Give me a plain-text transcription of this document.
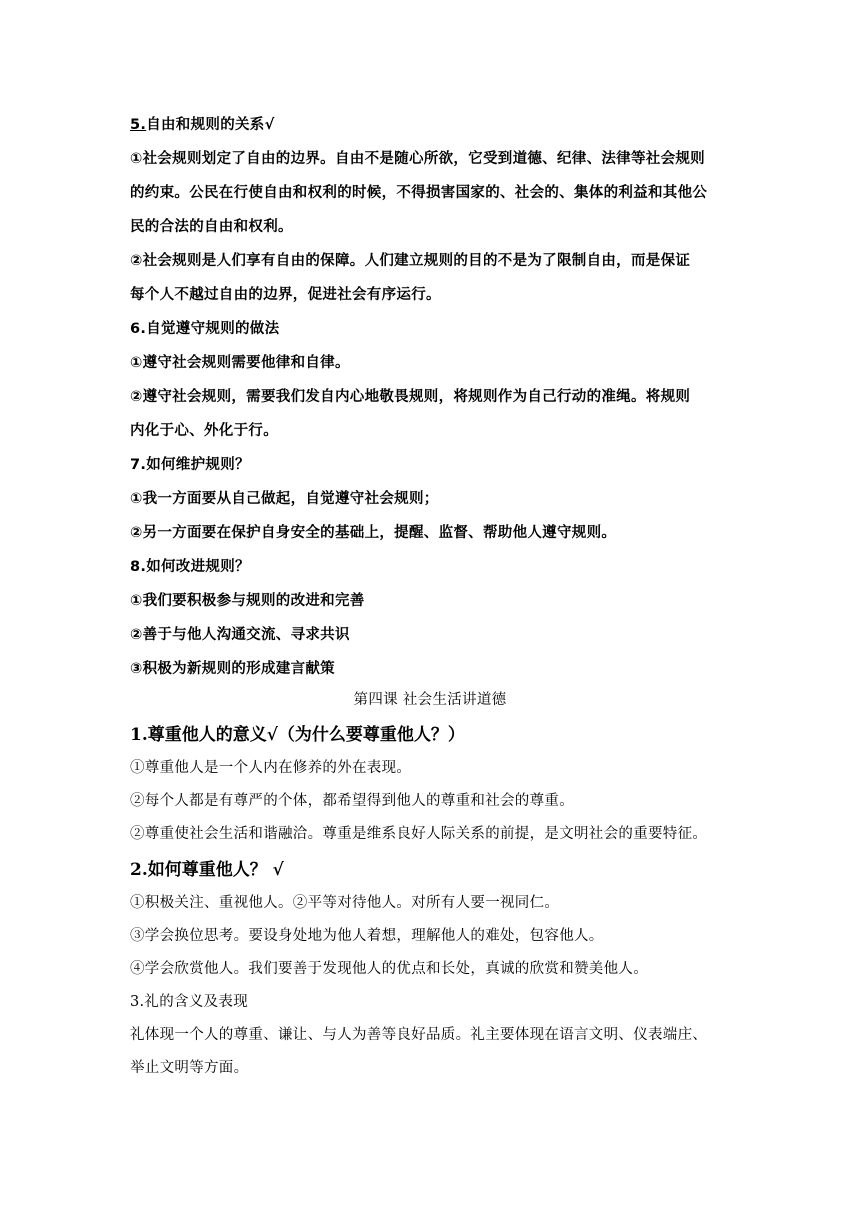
5.自由和规则的关系√
①社会规则划定了自由的边界。自由不是随心所欲，它受到道德、纪律、法律等社会规则
的约束。公民在行使自由和权利的时候，不得损害国家的、社会的、集体的利益和其他公
民的合法的自由和权利。
②社会规则是人们享有自由的保障。人们建立规则的目的不是为了限制自由，而是保证
每个人不越过自由的边界，促进社会有序运行。
6.自觉遵守规则的做法
①遵守社会规则需要他律和自律。
②遵守社会规则，需要我们发自内心地敬畏规则，将规则作为自己行动的准绳。将规则
内化于心、外化于行。
7.如何维护规则？
①我一方面要从自己做起，自觉遵守社会规则；
②另一方面要在保护自身安全的基础上，提醒、监督、帮助他人遵守规则。
8.如何改进规则？
①我们要积极参与规则的改进和完善
②善于与他人沟通交流、寻求共识
③积极为新规则的形成建言献策
第四课 社会生活讲道德
1.尊重他人的意义√（为什么要尊重他人？）
①尊重他人是一个人内在修养的外在表现。
②每个人都是有尊严的个体，都希望得到他人的尊重和社会的尊重。
②尊重使社会生活和谐融洽。尊重是维系良好人际关系的前提，是文明社会的重要特征。
2.如何尊重他人？ √
①积极关注、重视他人。②平等对待他人。对所有人要一视同仁。
③学会换位思考。要设身处地为他人着想，理解他人的难处，包容他人。
④学会欣赏他人。我们要善于发现他人的优点和长处，真诚的欣赏和赞美他人。
3.礼的含义及表现
礼体现一个人的尊重、谦让、与人为善等良好品质。礼主要体现在语言文明、仪表端庄、
举止文明等方面。
